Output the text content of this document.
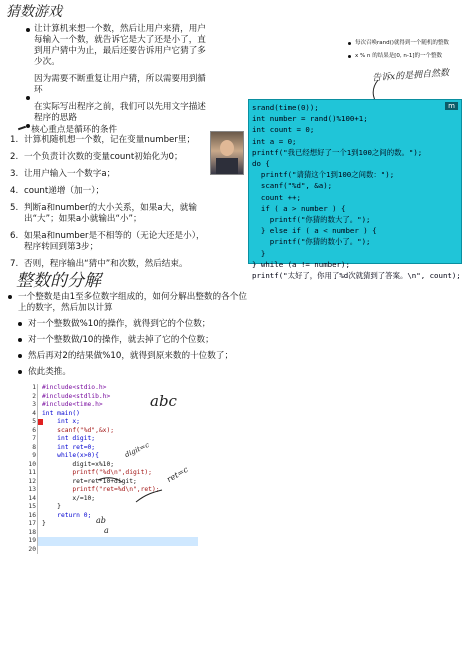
猜数游戏
让计算机来想一个数，然后让用户来猜，用户每输入一个数，就告诉它是大了还是小了，直到用户猜中为止，最后还要告诉用户它猜了多少次。
因为需要不断重复让用户猜，所以需要用到循环
在实际写出程序之前，我们可以先用文字描述程序的思路
核心重点是循环的条件
1. 计算机随机想一个数，记在变量number里；
2. 一个负责计次数的变量count初始化为0；
3. 让用户输入一个数字a；
4. count递增（加一）；
5. 判断a和number的大小关系，如果a大，就输出“大”；如果a小就输出“小”；
6. 如果a和number是不相等的（无论大还是小），程序转回到第3步；
7. 否则，程序输出“猜中”和次数，然后结束。
每次召唤rand()就得到一个随机的整数
x % n 的结果是[0, n-1]的一个整数
告诉x的是拥自然数
m
srand(time(0));
int number = rand()%100+1;
int count = 0;
int a = 0;
printf("我已经想好了一个1到100之间的数。");
do {
printf("请猜这个1到100之间数：");
scanf("%d", &a);
count ++;
if ( a > number ) {
printf("你猜的数大了。");
} else if ( a < number ) {
printf("你猜的数小了。");
}
} while (a != number);
printf("太好了，你用了%d次就猜到了答案。\n", count);
整数的分解
一个整数是由1至多位数字组成的，如何分解出整数的各个位上的数字，然后加以计算
对一个整数做%10的操作，就得到它的个位数；
对一个整数做/10的操作，就去掉了它的个位数；
然后再对2的结果做%10，就得到原来数的十位数了；
依此类推。
1
2
3
4
5
6
7
8
9
10
11
12
13
14
15
16
17
18
19
20
#include<stdio.h>
#include<stdlib.h>
#include<time.h>
int main()
int x;
scanf("%d",&x);
int digit;
int ret=0;
while(x>0){
digit=x%10;
printf("%d\n",digit);
ret=ret*10+digit;
printf("ret=%d\n",ret);
x/=10;
}
return 0;
}
abc
digit=c
ret=c
ab
a
